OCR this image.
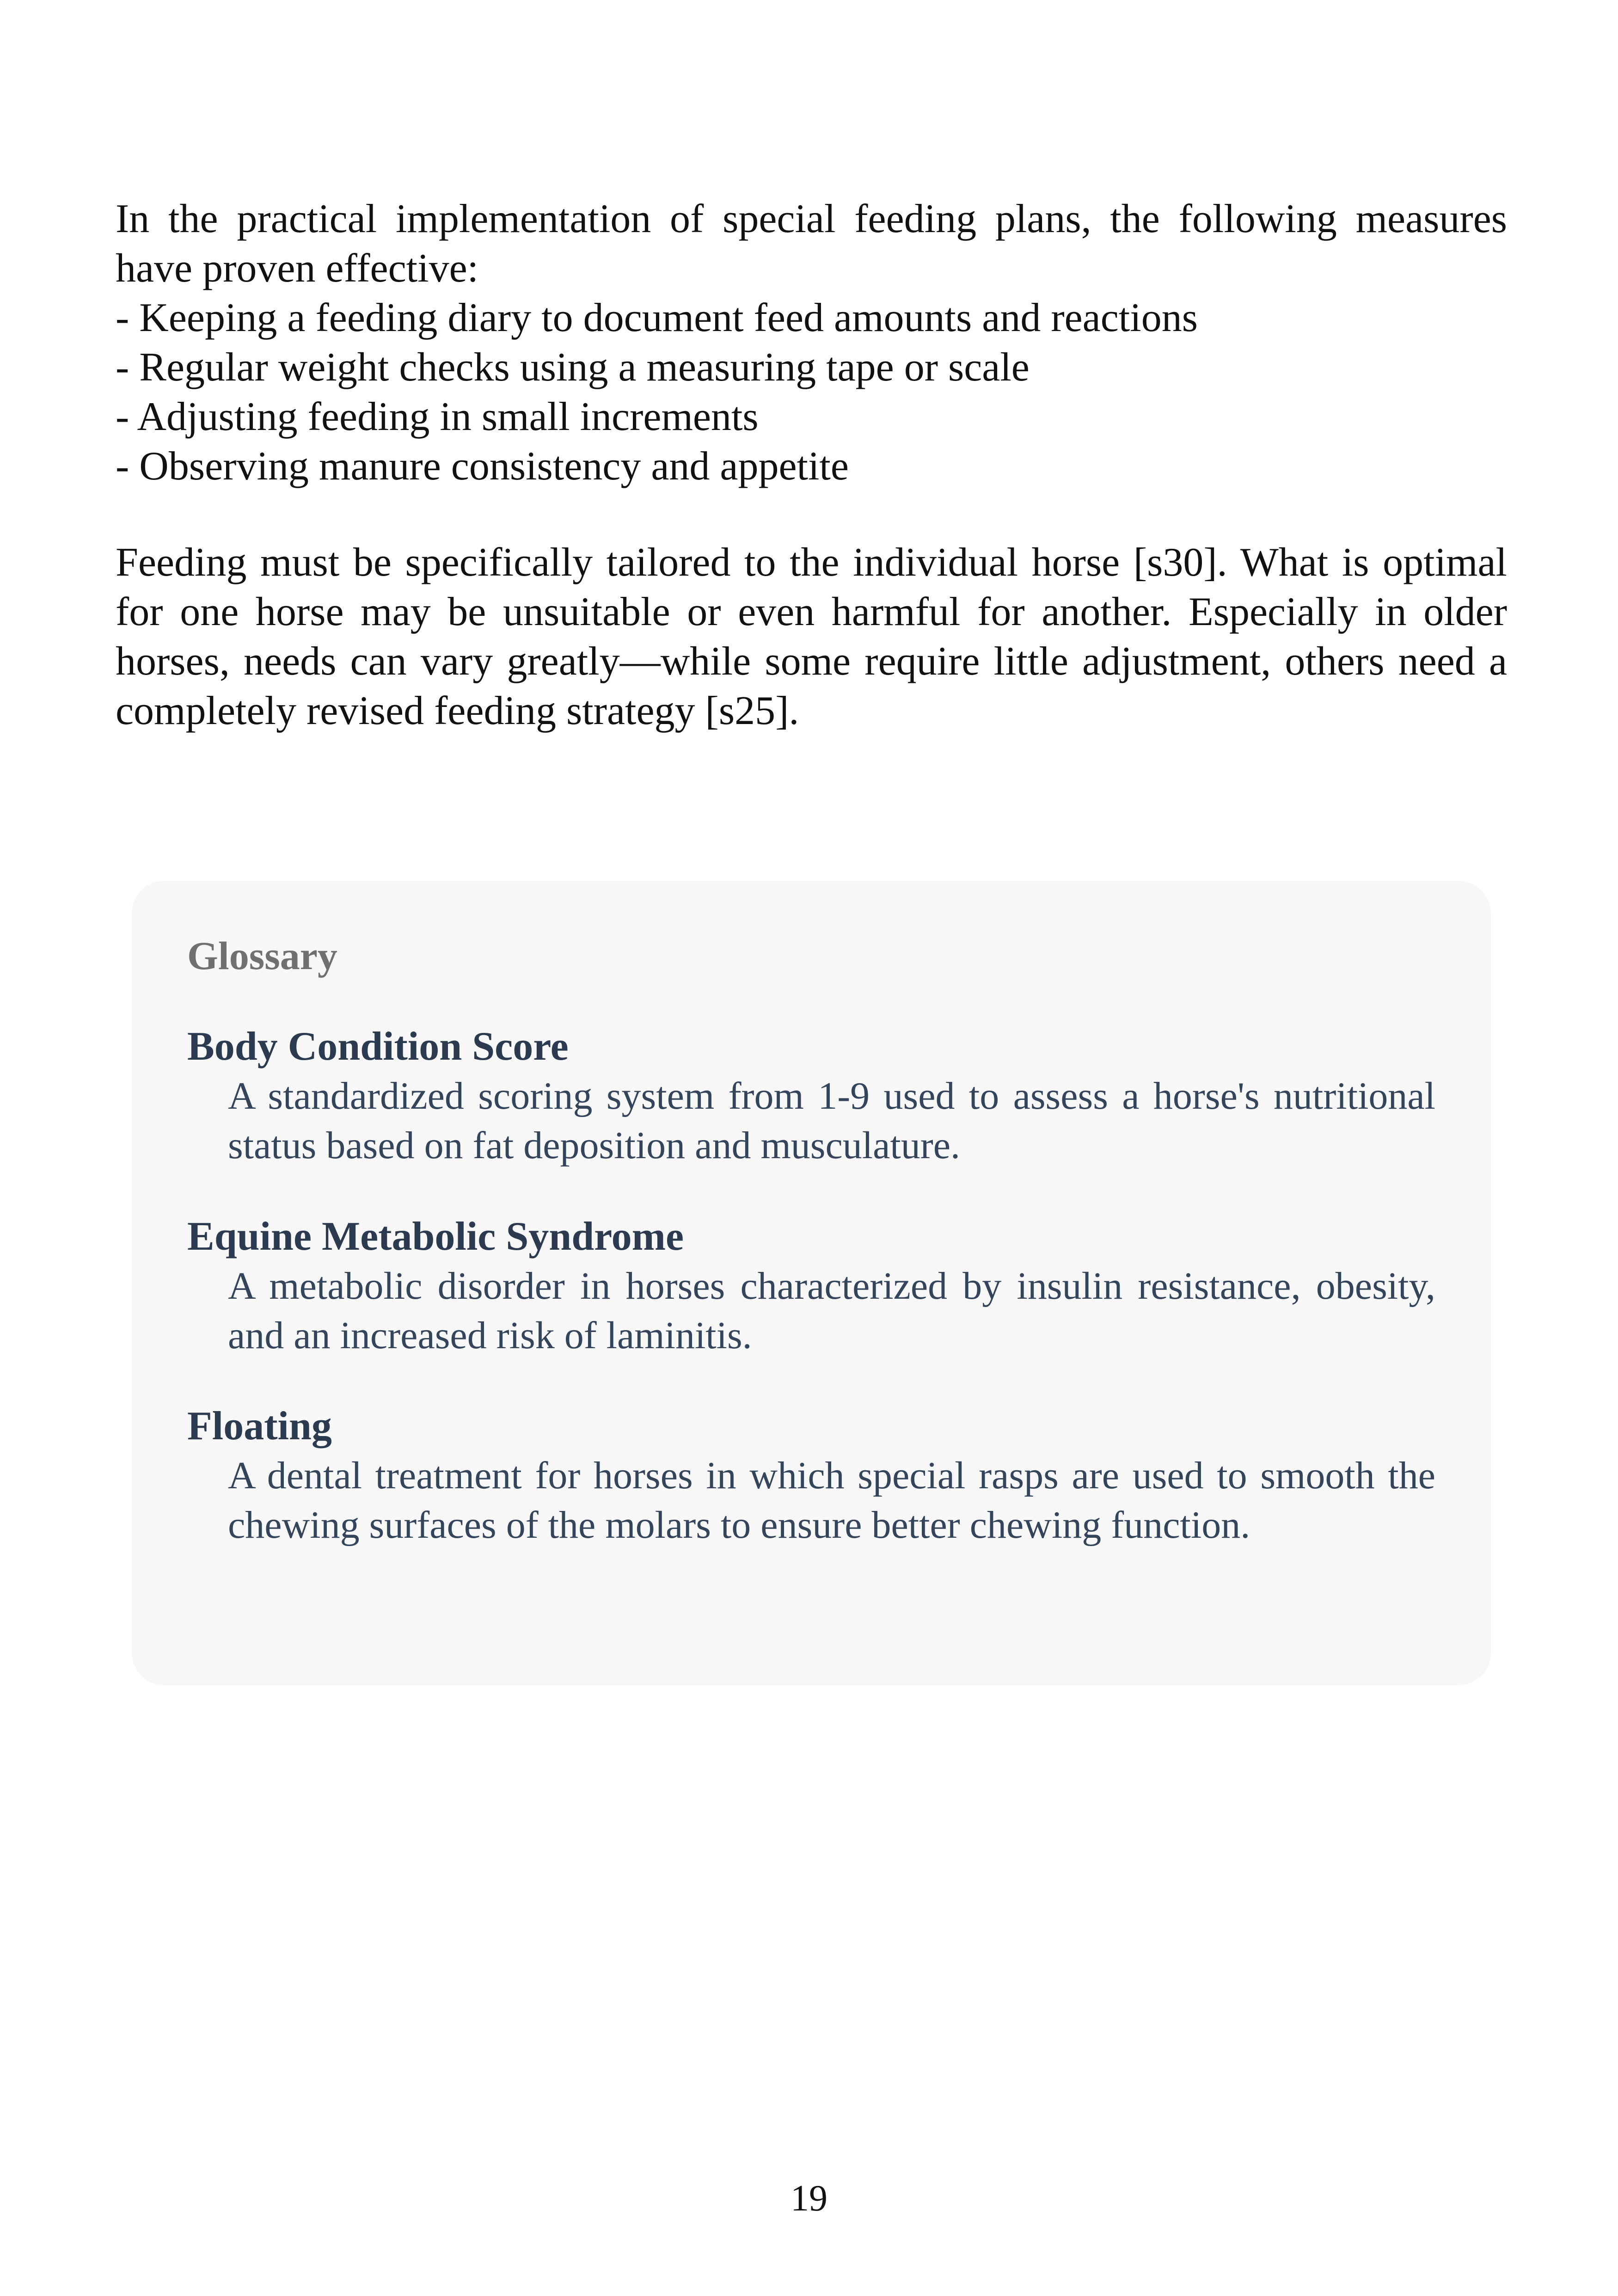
In the practical implementation of special feeding plans, the following measures have proven effective:

- Keeping a feeding diary to document feed amounts and reactions
- Regular weight checks using a measuring tape or scale
- Adjusting feeding in small increments
- Observing manure consistency and appetite

Feeding must be specifically tailored to the individual horse [s30]. What is optimal for one horse may be unsuitable or even harmful for another. Especially in older horses, needs can vary greatly—while some require little adjustment, others need a completely revised feeding strategy [s25].

Glossary

Body Condition Score

A standardized scoring system from 1-9 used to assess a horse's nutritional status based on fat deposition and musculature.

Equine Metabolic Syndrome

A metabolic disorder in horses characterized by insulin resistance, obesity, and an increased risk of laminitis.

Floating

A dental treatment for horses in which special rasps are used to smooth the chewing surfaces of the molars to ensure better chewing function.

19
